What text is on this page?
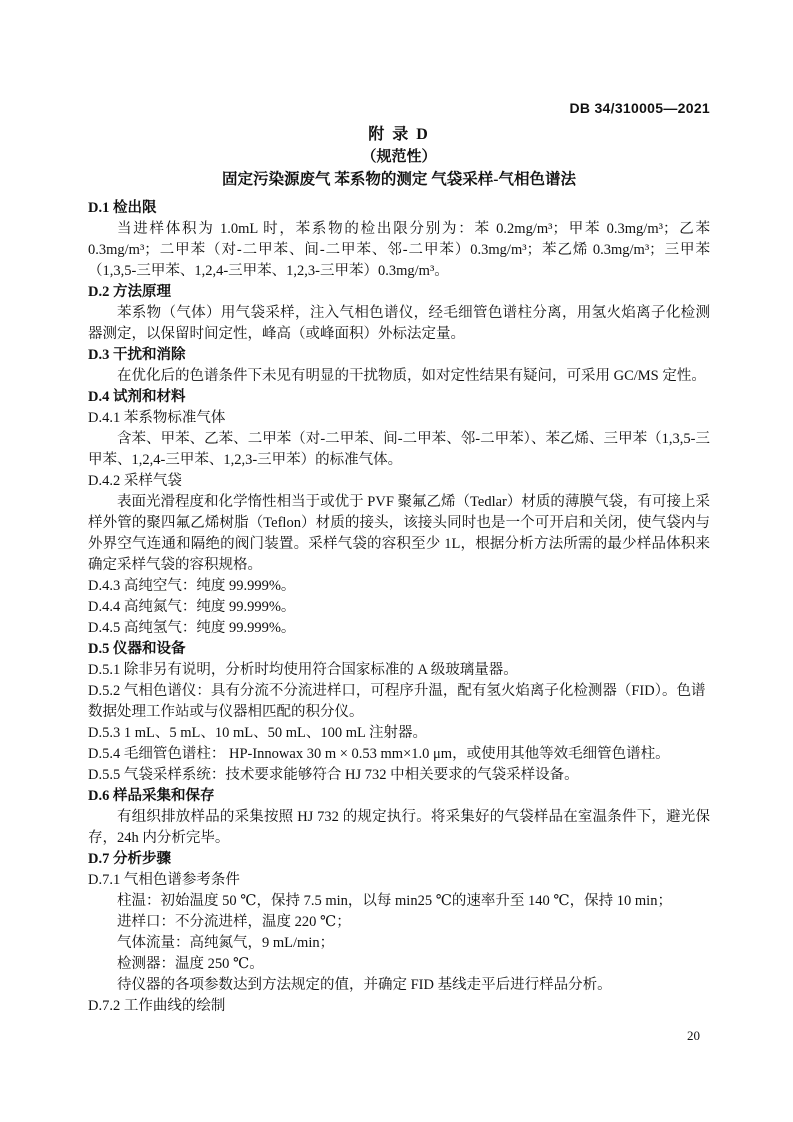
DB 34/310005—2021
附 录 D
（规范性）
固定污染源废气 苯系物的测定 气袋采样-气相色谱法
D.1 检出限
当进样体积为 1.0mL 时，苯系物的检出限分别为：苯 0.2mg/m³；甲苯 0.3mg/m³；乙苯 0.3mg/m³；二甲苯（对-二甲苯、间-二甲苯、邻-二甲苯）0.3mg/m³；苯乙烯 0.3mg/m³；三甲苯（1,3,5-三甲苯、1,2,4-三甲苯、1,2,3-三甲苯）0.3mg/m³。
D.2 方法原理
苯系物（气体）用气袋采样，注入气相色谱仪，经毛细管色谱柱分离，用氢火焰离子化检测器测定，以保留时间定性，峰高（或峰面积）外标法定量。
D.3 干扰和消除
在优化后的色谱条件下未见有明显的干扰物质，如对定性结果有疑问，可采用 GC/MS 定性。
D.4 试剂和材料
D.4.1 苯系物标准气体
含苯、甲苯、乙苯、二甲苯（对-二甲苯、间-二甲苯、邻-二甲苯）、苯乙烯、三甲苯（1,3,5-三甲苯、1,2,4-三甲苯、1,2,3-三甲苯）的标准气体。
D.4.2 采样气袋
表面光滑程度和化学惰性相当于或优于 PVF 聚氟乙烯（Tedlar）材质的薄膜气袋，有可接上采样外管的聚四氟乙烯树脂（Teflon）材质的接头，该接头同时也是一个可开启和关闭，使气袋内与外界空气连通和隔绝的阀门装置。采样气袋的容积至少 1L，根据分析方法所需的最少样品体积来确定采样气袋的容积规格。
D.4.3 高纯空气：纯度 99.999%。
D.4.4 高纯氮气：纯度 99.999%。
D.4.5 高纯氢气：纯度 99.999%。
D.5 仪器和设备
D.5.1 除非另有说明，分析时均使用符合国家标准的 A 级玻璃量器。
D.5.2 气相色谱仪：具有分流不分流进样口，可程序升温，配有氢火焰离子化检测器（FID）。色谱数据处理工作站或与仪器相匹配的积分仪。
D.5.3 1 mL、5 mL、10 mL、50 mL、100 mL 注射器。
D.5.4 毛细管色谱柱： HP-Innowax 30 m × 0.53 mm×1.0 μm，或使用其他等效毛细管色谱柱。
D.5.5 气袋采样系统：技术要求能够符合 HJ 732 中相关要求的气袋采样设备。
D.6 样品采集和保存
有组织排放样品的采集按照 HJ 732 的规定执行。将采集好的气袋样品在室温条件下，避光保存，24h 内分析完毕。
D.7 分析步骤
D.7.1 气相色谱参考条件
柱温：初始温度 50 ℃，保持 7.5 min，以每 min25 ℃的速率升至 140 ℃，保持 10 min；
进样口：不分流进样，温度 220 ℃；
气体流量：高纯氮气，9 mL/min；
检测器：温度 250 ℃。
待仪器的各项参数达到方法规定的值，并确定 FID 基线走平后进行样品分析。
D.7.2 工作曲线的绘制
20
